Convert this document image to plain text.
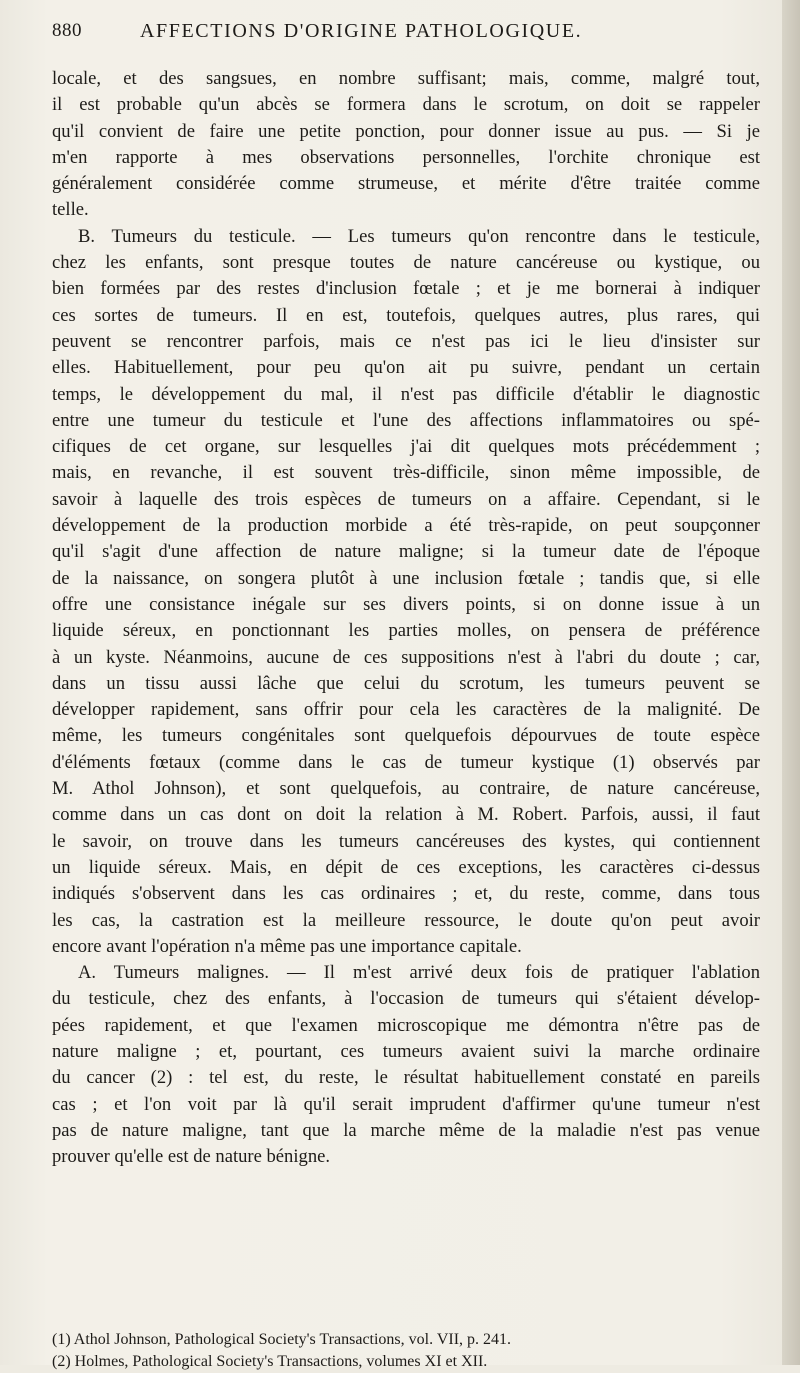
880	AFFECTIONS D'ORIGINE PATHOLOGIQUE.
locale, et des sangsues, en nombre suffisant; mais, comme, malgré tout,
il est probable qu'un abcès se formera dans le scrotum, on doit se rappeler
qu'il convient de faire une petite ponction, pour donner issue au pus. — Si je
m'en rapporte à mes observations personnelles, l'orchite chronique est
généralement considérée comme strumeuse, et mérite d'être traitée comme
telle.
B. Tumeurs du testicule. — Les tumeurs qu'on rencontre dans le testicule,
chez les enfants, sont presque toutes de nature cancéreuse ou kystique, ou
bien formées par des restes d'inclusion fœtale ; et je me bornerai à indiquer
ces sortes de tumeurs. Il en est, toutefois, quelques autres, plus rares, qui
peuvent se rencontrer parfois, mais ce n'est pas ici le lieu d'insister sur
elles. Habituellement, pour peu qu'on ait pu suivre, pendant un certain
temps, le développement du mal, il n'est pas difficile d'établir le diagnostic
entre une tumeur du testicule et l'une des affections inflammatoires ou spé-
cifiques de cet organe, sur lesquelles j'ai dit quelques mots précédemment ;
mais, en revanche, il est souvent très-difficile, sinon même impossible, de
savoir à laquelle des trois espèces de tumeurs on a affaire. Cependant, si le
développement de la production morbide a été très-rapide, on peut soupçonner
qu'il s'agit d'une affection de nature maligne; si la tumeur date de l'époque
de la naissance, on songera plutôt à une inclusion fœtale ; tandis que, si elle
offre une consistance inégale sur ses divers points, si on donne issue à un
liquide séreux, en ponctionnant les parties molles, on pensera de préférence
à un kyste. Néanmoins, aucune de ces suppositions n'est à l'abri du doute ; car,
dans un tissu aussi lâche que celui du scrotum, les tumeurs peuvent se
développer rapidement, sans offrir pour cela les caractères de la malignité. De
même, les tumeurs congénitales sont quelquefois dépourvues de toute espèce
d'éléments fœtaux (comme dans le cas de tumeur kystique (1) observés par
M. Athol Johnson), et sont quelquefois, au contraire, de nature cancéreuse,
comme dans un cas dont on doit la relation à M. Robert. Parfois, aussi, il faut
le savoir, on trouve dans les tumeurs cancéreuses des kystes, qui contiennent
un liquide séreux. Mais, en dépit de ces exceptions, les caractères ci-dessus
indiqués s'observent dans les cas ordinaires ; et, du reste, comme, dans tous
les cas, la castration est la meilleure ressource, le doute qu'on peut avoir
encore avant l'opération n'a même pas une importance capitale.
A. Tumeurs malignes. — Il m'est arrivé deux fois de pratiquer l'ablation
du testicule, chez des enfants, à l'occasion de tumeurs qui s'étaient dévelop-
pées rapidement, et que l'examen microscopique me démontra n'être pas de
nature maligne ; et, pourtant, ces tumeurs avaient suivi la marche ordinaire
du cancer (2) : tel est, du reste, le résultat habituellement constaté en pareils
cas ; et l'on voit par là qu'il serait imprudent d'affirmer qu'une tumeur n'est
pas de nature maligne, tant que la marche même de la maladie n'est pas venue
prouver qu'elle est de nature bénigne.
(1) Athol Johnson, Pathological Society's Transactions, vol. VII, p. 241.
(2) Holmes, Pathological Society's Transactions, volumes XI et XII.
